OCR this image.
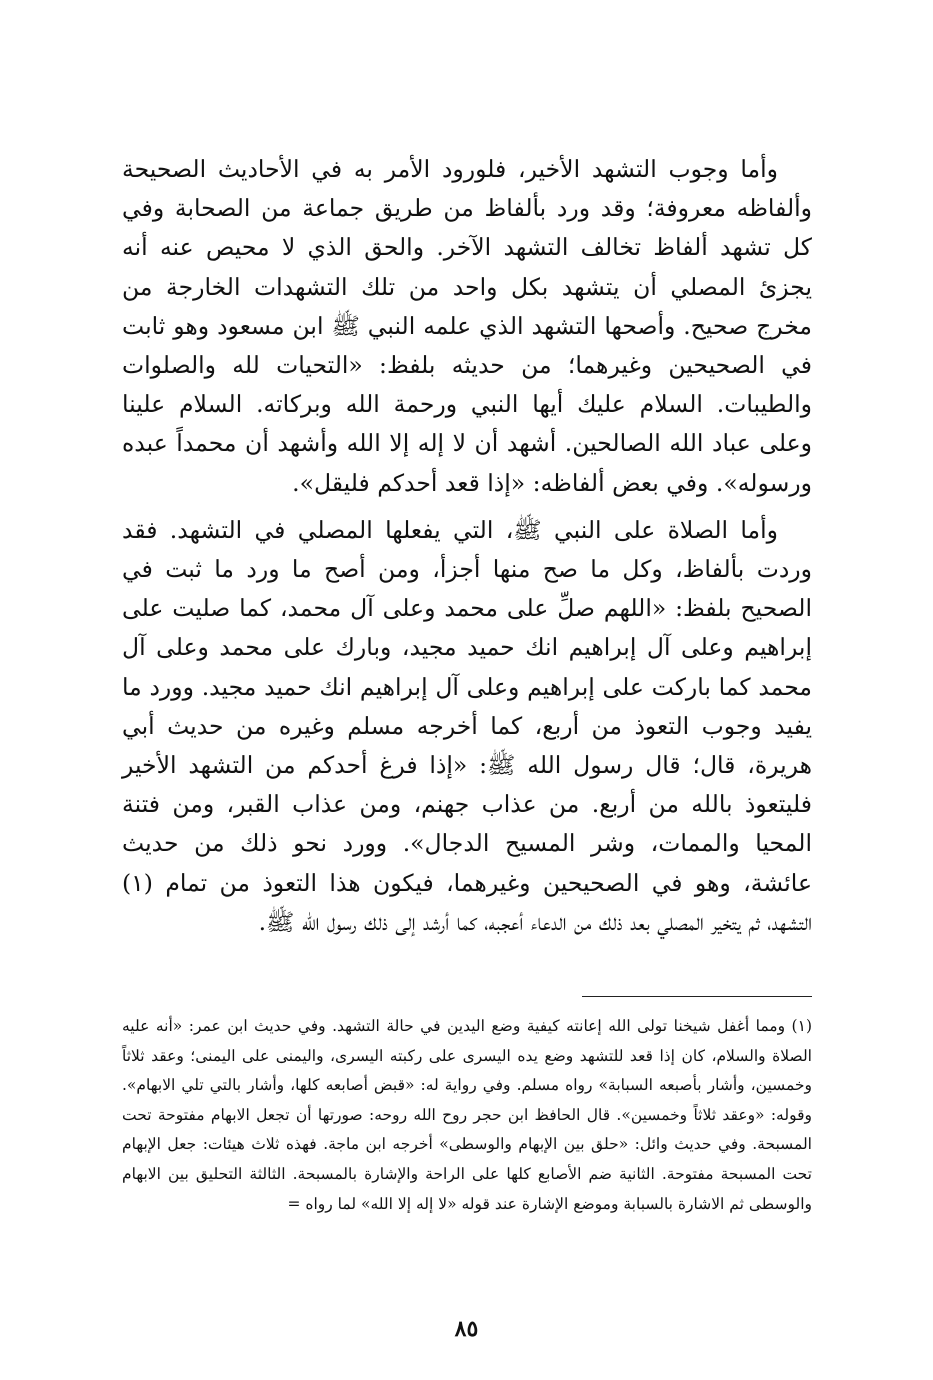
وأما وجوب التشهد الأخير، فلورود الأمر به في الأحاديث الصحيحة وألفاظه معروفة؛ وقد ورد بألفاظ من طريق جماعة من الصحابة وفي كل تشهد ألفاظ تخالف التشهد الآخر. والحق الذي لا محيص عنه أنه يجزئ المصلي أن يتشهد بكل واحد من تلك التشهدات الخارجة من مخرج صحيح. وأصحها التشهد الذي علمه النبي ﷺ ابن مسعود وهو ثابت في الصحيحين وغيرهما؛ من حديثه بلفظ: «التحيات لله والصلوات والطيبات. السلام عليك أيها النبي ورحمة الله وبركاته. السلام علينا وعلى عباد الله الصالحين. أشهد أن لا إله إلا الله وأشهد أن محمداً عبده ورسوله». وفي بعض ألفاظه: «إذا قعد أحدكم فليقل».

وأما الصلاة على النبي ﷺ، التي يفعلها المصلي في التشهد. فقد وردت بألفاظ، وكل ما صح منها أجزأ، ومن أصح ما ورد ما ثبت في الصحيح بلفظ: «اللهم صلِّ على محمد وعلى آل محمد، كما صليت على إبراهيم وعلى آل إبراهيم انك حميد مجيد، وبارك على محمد وعلى آل محمد كما باركت على إبراهيم وعلى آل إبراهيم انك حميد مجيد. وورد ما يفيد وجوب التعوذ من أربع، كما أخرجه مسلم وغيره من حديث أبي هريرة، قال؛ قال رسول الله ﷺ: «إذا فرغ أحدكم من التشهد الأخير فليتعوذ بالله من أربع. من عذاب جهنم، ومن عذاب القبر، ومن فتنة المحيا والممات، وشر المسيح الدجال». وورد نحو ذلك من حديث عائشة، وهو في الصحيحين وغيرهما، فيكون هذا التعوذ من تمام (١) التشهد، ثم يتخير المصلي بعد ذلك من الدعاء أعجبه، كما أرشد إلى ذلك رسول الله ﷺ.

(١) ومما أغفل شيخنا تولى الله إعانته كيفية وضع اليدين في حالة التشهد. وفي حديث ابن عمر: «أنه عليه الصلاة والسلام، كان إذا قعد للتشهد وضع يده اليسرى على ركبته اليسرى، واليمنى على اليمنى؛ وعقد ثلاثاً وخمسين، وأشار بأصبعه السبابة» رواه مسلم. وفي رواية له: «قبض أصابعه كلها، وأشار بالتي تلي الابهام». وقوله: «وعقد ثلاثاً وخمسين». قال الحافظ ابن حجر روح الله روحه: صورتها أن تجعل الابهام مفتوحة تحت المسبحة. وفي حديث وائل: «حلق بين الإبهام والوسطى» أخرجه ابن ماجة. فهذه ثلاث هيئات: جعل الإبهام تحت المسبحة مفتوحة. الثانية ضم الأصابع كلها على الراحة والإشارة بالمسبحة. الثالثة التحليق بين الابهام والوسطى ثم الاشارة بالسبابة وموضع الإشارة عند قوله «لا إله إلا الله» لما رواه =

٨٥
